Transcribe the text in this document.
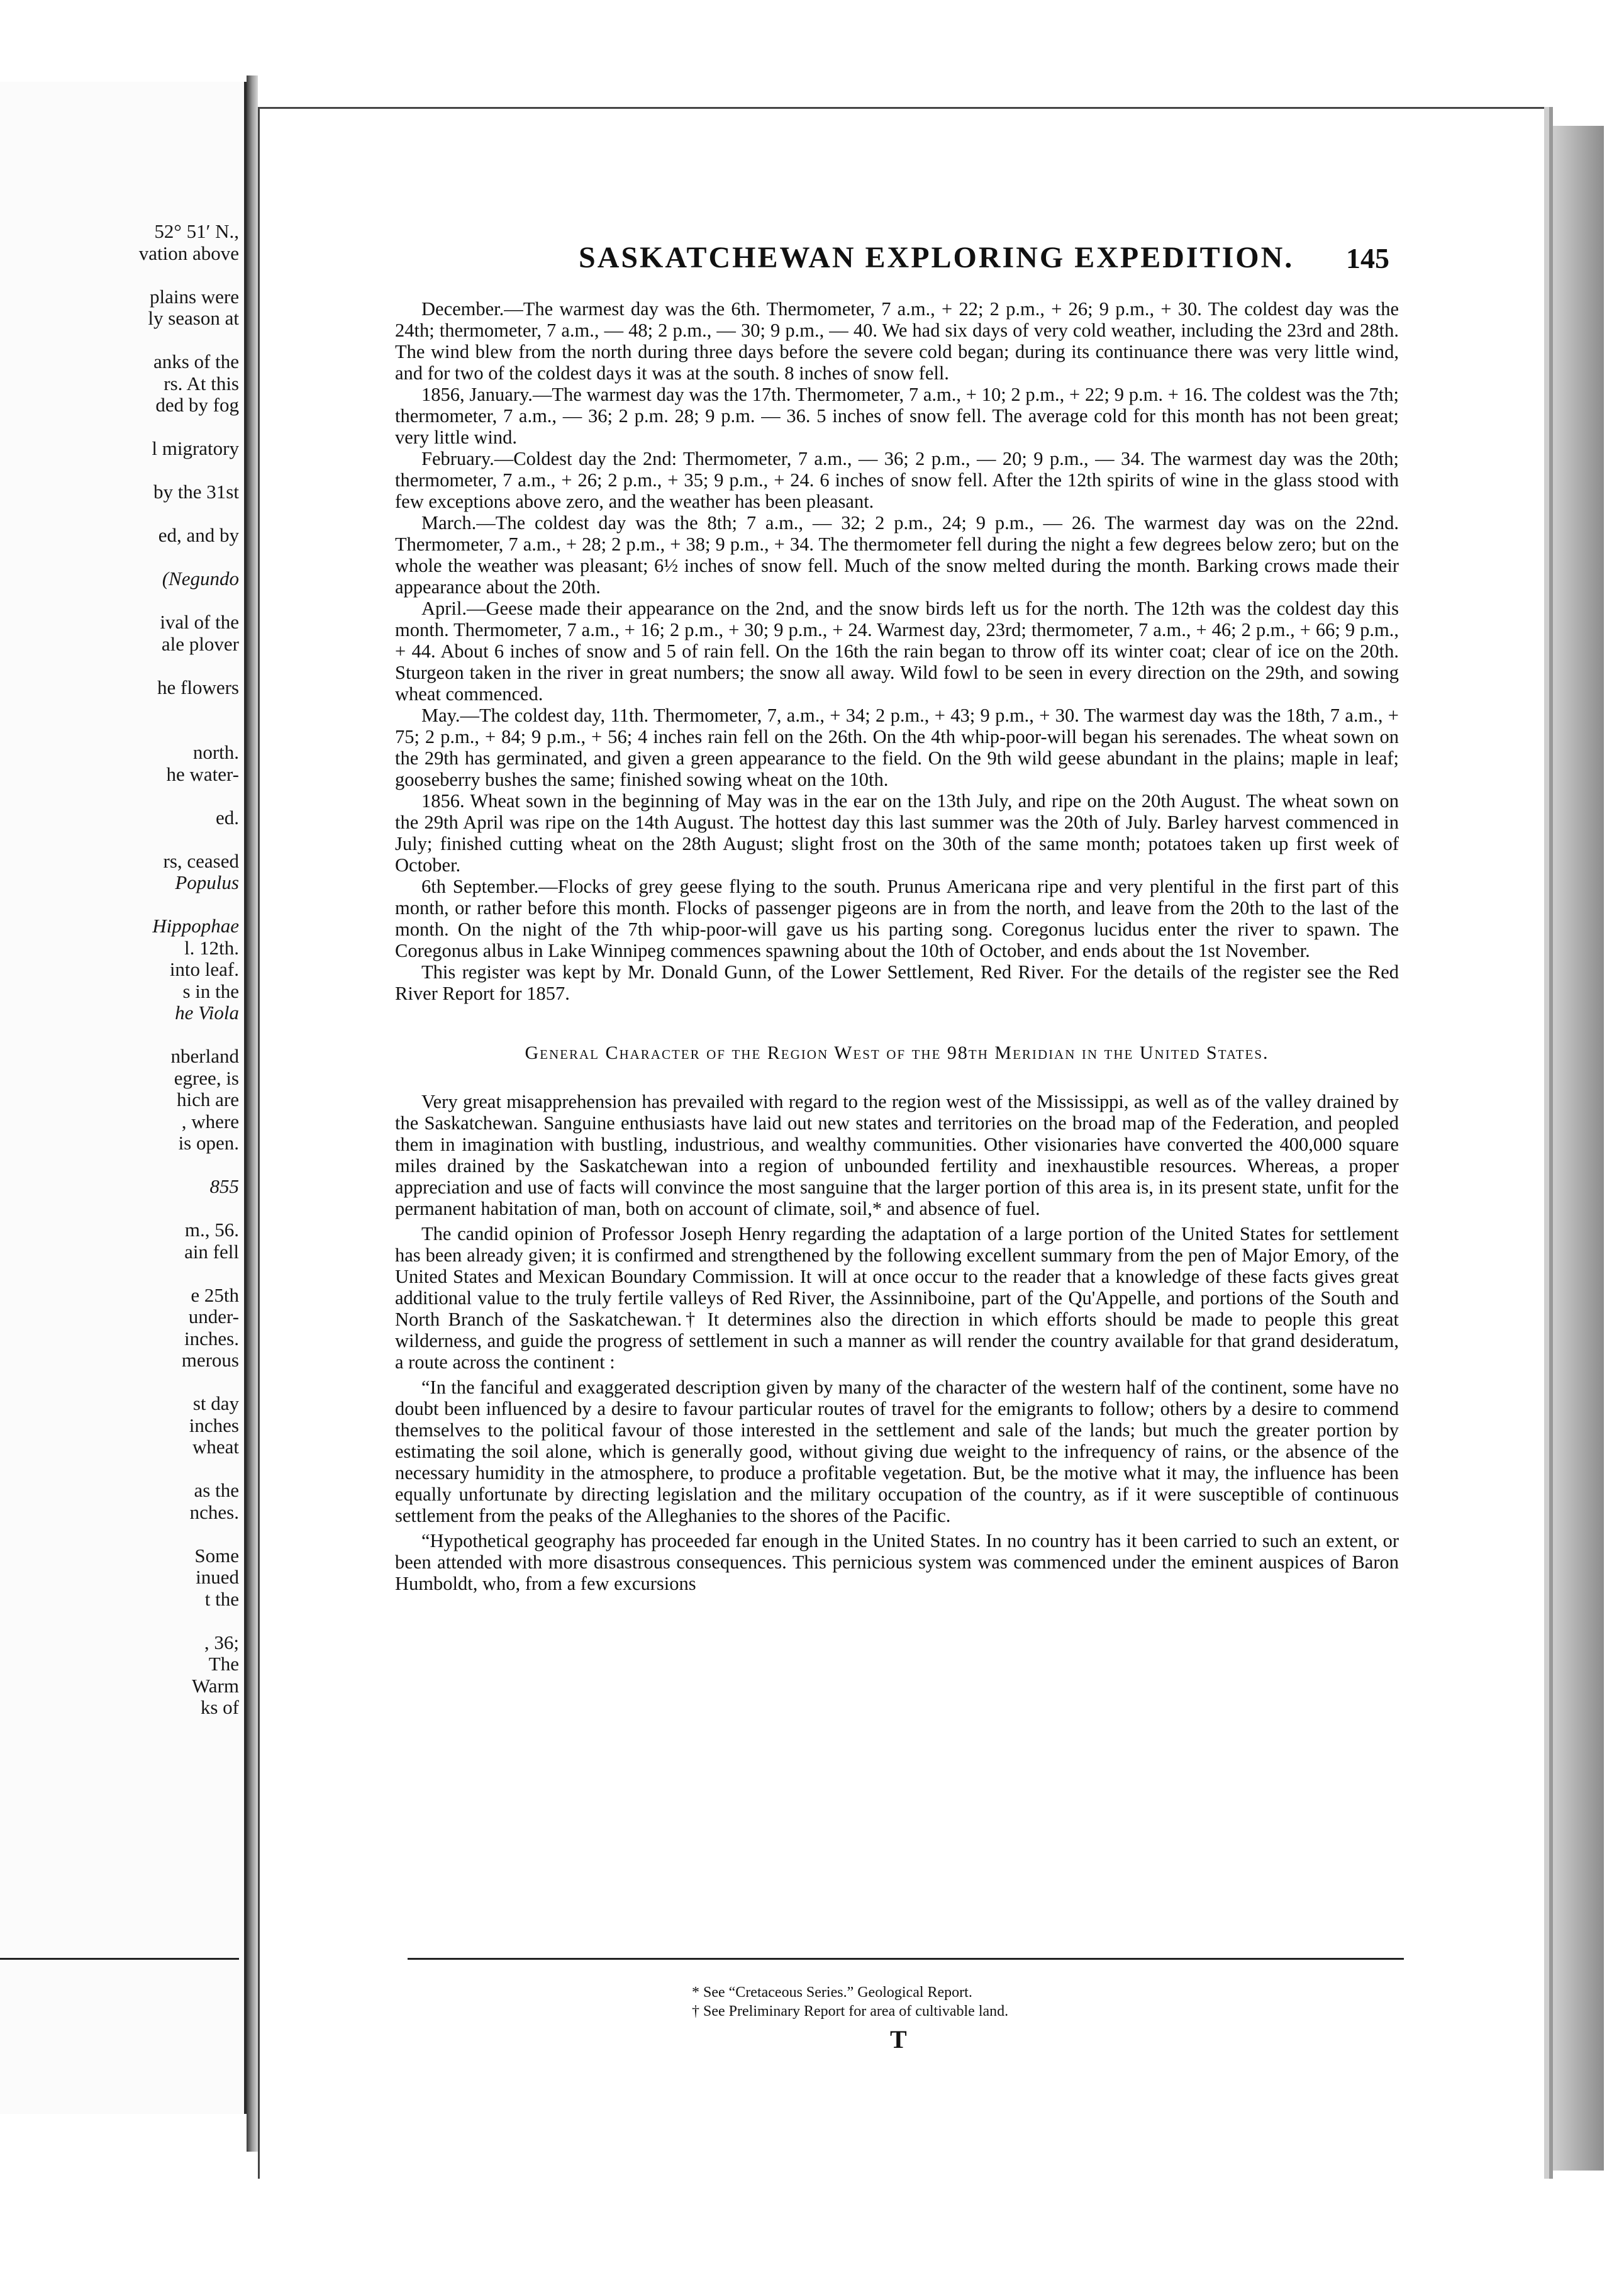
52° 51′ N.,
vation above
plains were
ly season at
anks of the
rs. At this
ded by fog
l migratory
by the 31st
ed, and by
(Negundo
ival of the
ale plover
he flowers
north.
he water-
ed.
rs, ceased
Populus
Hippophae
l. 12th.
into leaf.
s in the
he Viola
nberland
egree, is
hich are
, where
is open.
855
m., 56.
ain fell
e 25th
under-
inches.
merous
st day
inches
wheat
as the
nches.
Some
inued
t the
, 36;
The
Warm
ks of
SASKATCHEWAN EXPLORING EXPEDITION. 145

December.—The warmest day was the 6th. Thermometer, 7 a.m., + 22; 2 p.m., + 26; 9 p.m., + 30. The coldest day was the 24th; thermometer, 7 a.m., — 48; 2 p.m., — 30; 9 p.m., — 40. We had six days of very cold weather, including the 23rd and 28th. The wind blew from the north during three days before the severe cold began; during its continuance there was very little wind, and for two of the coldest days it was at the south. 8 inches of snow fell.

1856, January.—The warmest day was the 17th. Thermometer, 7 a.m., + 10; 2 p.m., + 22; 9 p.m. + 16. The coldest was the 7th; thermometer, 7 a.m., — 36; 2 p.m. 28; 9 p.m. — 36. 5 inches of snow fell. The average cold for this month has not been great; very little wind.

February.—Coldest day the 2nd: Thermometer, 7 a.m., — 36; 2 p.m., — 20; 9 p.m., — 34. The warmest day was the 20th; thermometer, 7 a.m., + 26; 2 p.m., + 35; 9 p.m., + 24. 6 inches of snow fell. After the 12th spirits of wine in the glass stood with few exceptions above zero, and the weather has been pleasant.

March.—The coldest day was the 8th; 7 a.m., — 32; 2 p.m., 24; 9 p.m., — 26. The warmest day was on the 22nd. Thermometer, 7 a.m., + 28; 2 p.m., + 38; 9 p.m., + 34. The thermometer fell during the night a few degrees below zero; but on the whole the weather was pleasant; 6½ inches of snow fell. Much of the snow melted during the month. Barking crows made their appearance about the 20th.

April.—Geese made their appearance on the 2nd, and the snow birds left us for the north. The 12th was the coldest day this month. Thermometer, 7 a.m., + 16; 2 p.m., + 30; 9 p.m., + 24. Warmest day, 23rd; thermometer, 7 a.m., + 46; 2 p.m., + 66; 9 p.m., + 44. About 6 inches of snow and 5 of rain fell. On the 16th the rain began to throw off its winter coat; clear of ice on the 20th. Sturgeon taken in the river in great numbers; the snow all away. Wild fowl to be seen in every direction on the 29th, and sowing wheat commenced.

May.—The coldest day, 11th. Thermometer, 7, a.m., + 34; 2 p.m., + 43; 9 p.m., + 30. The warmest day was the 18th, 7 a.m., + 75; 2 p.m., + 84; 9 p.m., + 56; 4 inches rain fell on the 26th. On the 4th whip-poor-will began his serenades. The wheat sown on the 29th has germinated, and given a green appearance to the field. On the 9th wild geese abundant in the plains; maple in leaf; gooseberry bushes the same; finished sowing wheat on the 10th.

1856. Wheat sown in the beginning of May was in the ear on the 13th July, and ripe on the 20th August. The wheat sown on the 29th April was ripe on the 14th August. The hottest day this last summer was the 20th of July. Barley harvest commenced in July; finished cutting wheat on the 28th August; slight frost on the 30th of the same month; potatoes taken up first week of October.

6th September.—Flocks of grey geese flying to the south. Prunus Americana ripe and very plentiful in the first part of this month, or rather before this month. Flocks of passenger pigeons are in from the north, and leave from the 20th to the last of the month. On the night of the 7th whip-poor-will gave us his parting song. Coregonus lucidus enter the river to spawn. The Coregonus albus in Lake Winnipeg commences spawning about the 10th of October, and ends about the 1st November.

This register was kept by Mr. Donald Gunn, of the Lower Settlement, Red River. For the details of the register see the Red River Report for 1857.

General Character of the Region West of the 98th Meridian in the United States.

Very great misapprehension has prevailed with regard to the region west of the Mississippi, as well as of the valley drained by the Saskatchewan. Sanguine enthusiasts have laid out new states and territories on the broad map of the Federation, and peopled them in imagination with bustling, industrious, and wealthy communities. Other visionaries have converted the 400,000 square miles drained by the Saskatchewan into a region of unbounded fertility and inexhaustible resources. Whereas, a proper appreciation and use of facts will convince the most sanguine that the larger portion of this area is, in its present state, unfit for the permanent habitation of man, both on account of climate, soil,* and absence of fuel.

The candid opinion of Professor Joseph Henry regarding the adaptation of a large portion of the United States for settlement has been already given; it is confirmed and strengthened by the following excellent summary from the pen of Major Emory, of the United States and Mexican Boundary Commission. It will at once occur to the reader that a knowledge of these facts gives great additional value to the truly fertile valleys of Red River, the Assinniboine, part of the Qu'Appelle, and portions of the South and North Branch of the Saskatchewan.† It determines also the direction in which efforts should be made to people this great wilderness, and guide the progress of settlement in such a manner as will render the country available for that grand desideratum, a route across the continent :

“In the fanciful and exaggerated description given by many of the character of the western half of the continent, some have no doubt been influenced by a desire to favour particular routes of travel for the emigrants to follow; others by a desire to commend themselves to the political favour of those interested in the settlement and sale of the lands; but much the greater portion by estimating the soil alone, which is generally good, without giving due weight to the infrequency of rains, or the absence of the necessary humidity in the atmosphere, to produce a profitable vegetation. But, be the motive what it may, the influence has been equally unfortunate by directing legislation and the military occupation of the country, as if it were susceptible of continuous settlement from the peaks of the Alleghanies to the shores of the Pacific.

“Hypothetical geography has proceeded far enough in the United States. In no country has it been carried to such an extent, or been attended with more disastrous consequences. This pernicious system was commenced under the eminent auspices of Baron Humboldt, who, from a few excursions

* See “Cretaceous Series.” Geological Report.
† See Preliminary Report for area of cultivable land.
T
